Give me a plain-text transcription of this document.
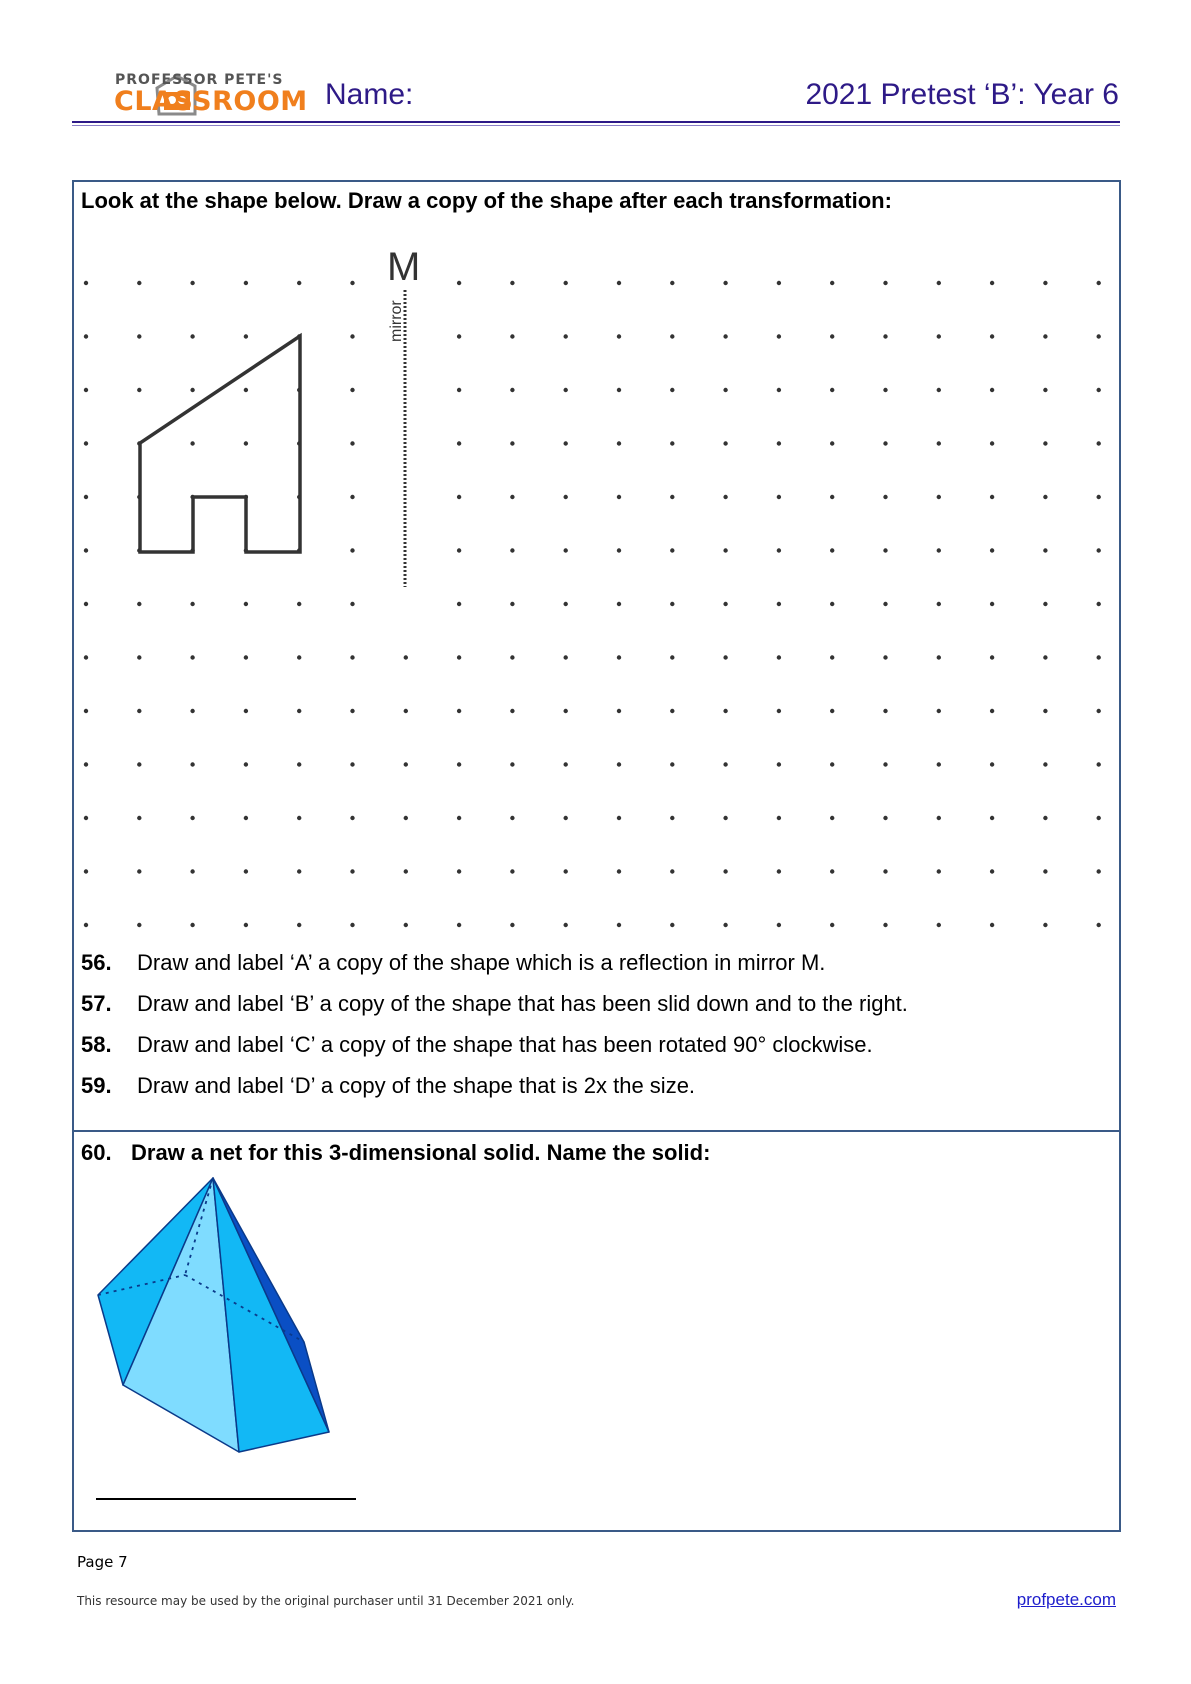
PROFESSOR PETE'S
CLASSROOM Name:	2021 Pretest ‘B’: Year 6
Look at the shape below. Draw a copy of the shape after each transformation:
M
mirror
56. Draw and label ‘A’ a copy of the shape which is a reflection in mirror M.
57. Draw and label ‘B’ a copy of the shape that has been slid down and to the right.
58. Draw and label ‘C’ a copy of the shape that has been rotated 90° clockwise.
59. Draw and label ‘D’ a copy of the shape that is 2x the size.
60. Draw a net for this 3-dimensional solid. Name the solid:
Page 7
This resource may be used by the original purchaser until 31 December 2021 only.	profpete.com
